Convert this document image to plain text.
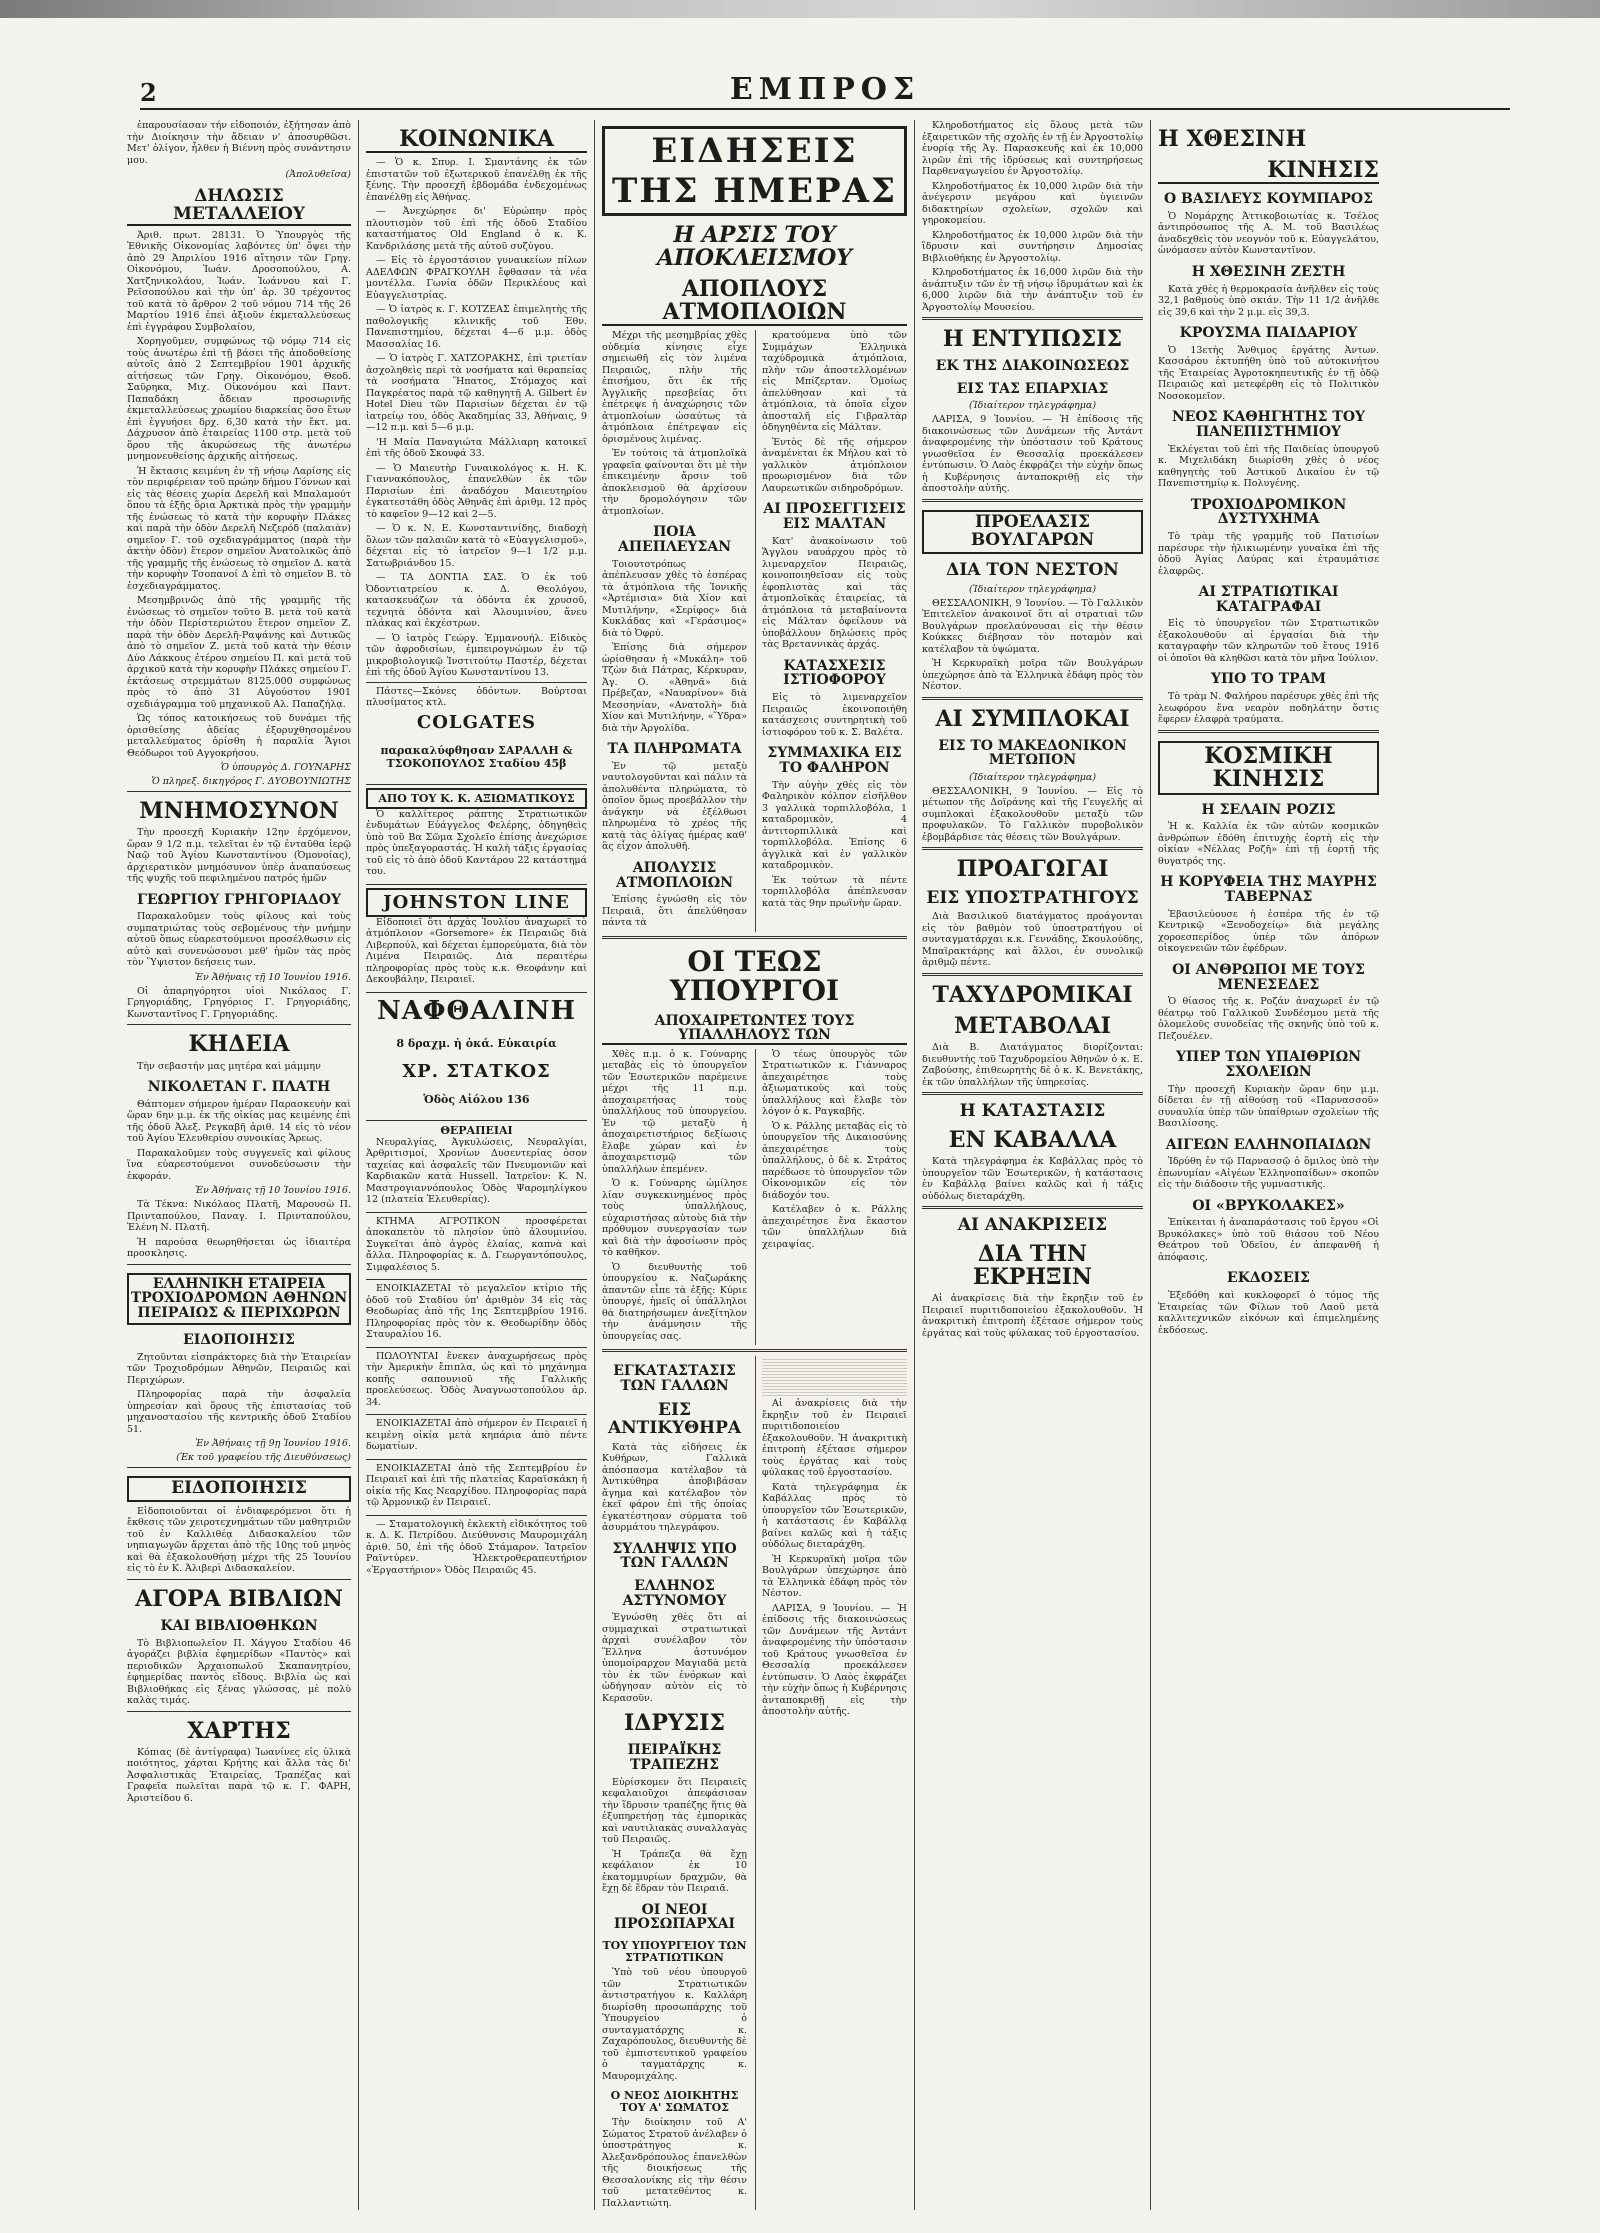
2	ΕΜΠΡΟΣ

ἐπαρουσίασαν τήν εἰδοποιόν, ἐξήτησαν ἀπὸ τὴν Διοίκησιν τὴν ἄδειαν ν' ἀποσυρθῶσι. Μετ' ὀλίγον, ἦλθεν ἡ Βιέννη πρὸς συνάντησιν μου.

(Ἀπολυθεῖσα)

ΔΗΛΩΣΙΣ ΜΕΤΑΛΛΕΙΟΥ

Ἀριθ. πρωτ. 28131. Ὁ Ὑπουργὸς τῆς Ἐθνικῆς Οἰκονομίας λαβόντες ὑπ' ὄψει τὴν ἀπὸ 29 Ἀπριλίου 1916 αἴτησιν τῶν Γρηγ. Οἰκονόμου, Ἰωάν. Δροσοπούλου, Α. Χατζηνικολάου, Ἰωάν. Ἰωάννου καὶ Γ. Ρεϊσοπούλου καὶ τὴν ὑπ' ἀρ. 30 τρέχοντος τοῦ κατὰ τὸ ἄρθρον 2 τοῦ νόμου 714 τῆς 26 Μαρτίου 1916 ἐπεὶ ἀξιοῦν ἐκμεταλλεύσεως ἐπὶ ἐγγράφου Συμβολαίου,

Χορηγοῦμεν, συμφώνως τῷ νόμῳ 714 εἰς τοὺς ἀνωτέρω ἐπὶ τῇ βάσει τῆς ἀποδοθείσης αὐτοῖς ἀπὸ 2 Σεπτεμβρίου 1901 ἀρχικῆς αἰτήσεως τῶν Γρηγ. Οἰκονόμου, Θεοδ. Σαῦρηκα, Μιχ. Οἰκονόμου καὶ Παντ. Παπαδάκη ἄδειαν προσωρινῆς ἐκμεταλλεύσεως χρωμίου διαρκείας ὅσο ἔτων ἐπὶ ἐγγυήσει δρχ. 6,30 κατὰ τὴν ἔκτ. μα. Δάχρυσον ἀπὸ ἐταιρείας 1100 στρ. μετὰ τοῦ ὅρου τῆς ἀκυρώσεως τῆς ἀνωτέρω μνημονευθείσης ἀρχικῆς αἰτήσεως.

Ἡ ἔκτασις κειμένη ἐν τῇ νήσῳ Λαρίσης εἰς τὸν περιφέρειαν τοῦ πρώην δήμου Γόννων καὶ εἰς τὰς θέσεις χωρία Δερελῆ καὶ Μπαλαμούτ ὅπου τὰ ἑξῆς ὅρια Ἀρκτικὰ πρὸς τὴν γραμμὴν τῆς ἐνώσεως τὸ κατὰ τὴν κορυφὴν Πλάκες καὶ παρὰ τὴν ὁδὸν Δερελῆ Νεζερόδ (παλαιὰν) σημεῖον Γ. τοῦ σχεδιαγράμματος (παρὰ τὴν ἀκτὴν ὁδὸν) ἕτερον σημεῖον Ἀνατολικῶς ἀπὸ τῆς γραμμῆς τῆς ἐνώσεως τὸ σημεῖον Δ. κατὰ τὴν κορυφὴν Τσοπανοί Δ ἐπὶ τὸ σημεῖον Β. τὸ ἐσχεδιαγράμματος.

Μεσημβρινῶς ἀπὸ τῆς γραμμῆς τῆς ἐνώσεως τὸ σημεῖον τοῦτο Β. μετὰ τοῦ κατὰ τὴν ὁδὸν Περίστεριώτου ἕτερον σημεῖον Ζ. παρὰ τὴν ὁδὸν Δερελῆ-Ραψάνης καὶ Δυτικῶς ἀπὸ τὸ σημεῖον Ζ. μετὰ τοῦ κατὰ τὴν θέσιν Δύο Λάκκους ἐτέρου σημείου Π. καὶ μετὰ τοῦ ἀρχικοῦ κατὰ τὴν κορυφὴν Πλάκες σημείου Γ. ἐκτάσεως στρεμμάτων 8125.000 συμφώνως πρὸς τὸ ἀπὸ 31 Αὐγούστου 1901 σχεδιάγραμμα τοῦ μηχανικοῦ Αλ. Παπαζήλᾳ.

Ὡς τόπος κατοικήσεως τοῦ δυνάμει τῆς ὁρισθείσης ἀδείας ἐξορυχθησομένου μεταλλεύματος ὁρίσθη ἡ παραλία Ἅγιοι Θεόδωροι τοῦ Αγγοκρήσου.

Ὁ ὑπουργὸς Δ. ΓΟΥΝΑΡΗΣ

Ὁ πληρεξ. δικηγόρος Γ. ΔΥΟΒΟΥΝΙΩΤΗΣ

ΜΝΗΜΟΣΥΝΟΝ

Τὴν προσεχῆ Κυριακὴν 12ην ἐρχόμενον, ὥραν 9 1/2 π.μ. τελεῖται ἐν τῷ ἐνταῦθα ἱερῷ Ναῷ τοῦ Ἁγίου Κωνσταντίνου (Ὀμονοίας), ἀρχιερατικὸν μνημόσυνον ὑπὲρ ἀναπαύσεως τῆς ψυχῆς τοῦ πεφιλημένου πατρός ἡμῶν

ΓΕΩΡΓΙΟΥ ΓΡΗΓΟΡΙΑΔΟΥ

Παρακαλοῦμεν τοὺς φίλους καὶ τοὺς συμπατριώτας τοὺς σεβομένους τὴν μνήμην αὐτοῦ ὅπως εὐαρεστούμενοι προσέλθωσιν εἰς αὐτὸ καὶ συνενώσουσι μεθ' ἡμῶν τὰς πρὸς τὸν Ὕψιστον δεήσεις των.

Ἐν Ἀθήναις τῇ 10 Ἰουνίου 1916.

Οἱ ἀπαρηγόρητοι υἱοὶ Νικόλαος Γ. Γρηγοριάδης, Γρηγόριος Γ. Γρηγοριάδης, Κωνσταντῖνος Γ. Γρηγοριάδης.

ΚΗΔΕΙΑ

Τὴν σεβαστήν μας μητέρα καὶ μάμμην

ΝΙΚΟΛΕΤΑΝ Γ. ΠΛΑΤΗ

Θάπτομεν σήμερον ἡμέραν Παρασκευὴν καὶ ὥραν 6ην μ.μ. ἐκ τῆς οἰκίας μας κειμένης ἐπὶ τῆς ὁδοῦ Ἀλεξ. Ρεγκαβῆ ἀριθ. 14 εἰς τὸ νέον τοῦ Ἁγίου Ἐλευθερίου συνοικίας Ἄρεως.

Παρακαλοῦμεν τοὺς συγγενεῖς καὶ φίλους ἵνα εὐαρεστούμενοι συνοδεύσωσιν τὴν ἐκφοράν.

Ἐν Ἀθήναις τῇ 10 Ἰουνίου 1916.

Τὰ Τέκνα: Νικόλαος Πλατῆ, Μαρουσὼ Π. Πρινταπούλου, Παναγ. Ι. Πρινταπούλου, Ἑλένη Ν. Πλατῆ.

Ἡ παρούσα θεωρηθήσεται ὡς ἰδιαιτέρα προσκλησις.

ΕΛΛΗΝΙΚΗ ΕΤΑΙΡΕΙΑ ΤΡΟΧΙΟΔΡΟΜΩΝ ΑΘΗΝΩΝ ΠΕΙΡΑΙΩΣ & ΠΕΡΙΧΩΡΩΝ
ΕΙΔΟΠΟΙΗΣΙΣ

Ζητοῦνται εἰσπράκτορες διὰ τὴν Ἐταιρείαν τῶν Τροχιοδρόμων Ἀθηνῶν, Πειραιῶς καὶ Περιχώρων.

Πληροφορίας παρὰ τὴν ἀσφαλεία ὑπηρεσίαν καὶ ὅρους τῆς ἐπιστασίας τοῦ μηχανοστασίου τῆς κεντρικῆς ὁδοῦ Σταδίου 51.

Ἐν Ἀθήναις τῇ 9ῃ Ἰουνίου 1916.

(Ἐκ τοῦ γραφείου τῆς Διευθύνσεως)

ΕΙΔΟΠΟΙΗΣΙΣ

Εἰδοποιοῦνται οἱ ἐνδιαφερόμενοι ὅτι ἡ ἔκθεσις τῶν χειροτεχνημάτων τῶν μαθητριῶν τοῦ ἐν Καλλιθέᾳ Διδασκαλείου τῶν νηπιαγωγῶν ἄρχεται ἀπὸ τῆς 10ης τοῦ μηνὸς καὶ θὰ ἐξακολουθήσῃ μέχρι τῆς 25 Ἰουνίου εἰς τὸ ἐν Κ. Ἀλιβερὶ Διδασκαλείον.

ΑΓΟΡΑ ΒΙΒΛΙΩΝ
ΚΑΙ ΒΙΒΛΙΟΘΗΚΩΝ

Τὸ Βιβλιοπωλεῖον Π. Χάγγου Σταδίου 46 ἀγοράζει βιβλία ἐφημερίδων «Παντὸς» καὶ περιοδικῶν Ἀρχαιοπωλοῦ Σκαπανητρίου, ἐφημερίδας παντὸς εἴδους. Βιβλία ὡς καὶ Βιβλιοθήκας εἰς ξένας γλώσσας, μὲ πολὺ καλὰς τιμάς.

ΧΑΡΤΗΣ

Κόπιας (δὲ ἀντίγραφα) Ἰωανίνες εἰς ὑλικὰ ποιότητος, χάρται Κρήτης καὶ ἄλλα τὰς δι' Ἀσφαλιστικὰς Ἐταιρείας, Τραπέζας καὶ Γραφεῖα πωλεῖται παρὰ τῷ κ. Γ. ΦΑΡΗ, Ἀριστείδου 6.

ΚΟΙΝΩΝΙΚΑ

— Ὁ κ. Σπυρ. Ι. Σμαντάνης ἐκ τῶν ἐπιστατῶν τοῦ ἐξωτερικοῦ ἐπανέλθῃ ἐκ τῆς ξένης. Τὴν προσεχῆ ἑβδομάδα ἐνδεχομένως ἐπανέλθῃ εἰς Ἀθήνας.

— Ἀνεχώρησε δι' Εὐρώπην πρὸς πλουτισμὸν τοῦ ἐπὶ τῆς ὁδοῦ Σταδίου καταστήματος Old England ὁ κ. Κ. Κανδριλάσης μετὰ τῆς αὐτοῦ συζύγου.

— Εἰς τὸ ἐργοστάσιον γυναικείων πίλων ΑΔΕΛΦΩΝ ΦΡΑΓΚΟΥΛΗ ἔφθασαν τὰ νέα μοντέλλα. Γωνία ὁδῶν Περικλέους καὶ Εὐαγγελιστρίας.

— Ὁ ἰατρὸς κ. Γ. ΚΟΤΖΕΑΣ ἐπιμελητὴς τῆς παθολογικῆς κλινικῆς τοῦ Ἐθν. Πανεπιστημίου, δέχεται 4—6 μ.μ. ὁδὸς Μασσαλίας 16.

— Ὁ ἰατρὸς Γ. ΧΑΤΖΟΡΑΚΗΣ, ἐπὶ τριετίαν ἀσχοληθεὶς περὶ τὰ νοσήματα καὶ θεραπείας τὰ νοσήματα Ἥπατος, Στόμαχος καὶ Παγκρέατος παρὰ τῷ καθηγητῇ Α. Gilbert ἐν Hotel Dieu τῶν Παρισίων δέχεται ἐν τῷ ἰατρείῳ του, ὁδὸς Ἀκαδημίας 33, Ἀθήναις, 9—12 π.μ. καὶ 5—6 μ.μ.

'Η Μαία Παναγιώτα Μάλλιαρη κατοικεῖ ἐπὶ τῆς ὁδοῦ Σκουφά 33.

— Ὁ Μαιευτὴρ Γυναικολόγος κ. Η. Κ. Γιαννακόπουλος, ἐπανελθὼν ἐκ τῶν Παρισίων ἐπὶ ἀναδόχου Μαιευτηρίου ἐγκατεστάθη ὁδὸς Ἀθηνᾶς ἐπὶ ἀριθμ. 12 πρὸς τὸ καφεῖον 9—12 καὶ 2—5.

— Ὁ κ. Ν. Ε. Κωνσταντινίδης, διαδοχὴ ὅλων τῶν παλαιῶν κατὰ τὸ «Εὐαγγελισμοῦ», δέχεται εἰς τὸ ἰατρεῖον 9—1 1/2 μ.μ. Σατωβριάνδου 15.

— ΤΑ ΔΟΝΤΙΑ ΣΑΣ. Ὁ ἐκ τοῦ Ὀδοντιατρείου κ. Δ. Θεολόγου, κατασκευάζων τὰ ὀδόντα ἐκ χρυσοῦ, τεχνητὰ ὀδόντα καὶ Ἀλουμινίου, ἄνευ πλάκας καὶ ἐκχέστρων.

— Ὁ ἰατρὸς Γεώργ. Ἐμμανουήλ. Εἰδικὸς τῶν ἀφροδισίων, ἐμπειρογνώμων ἐν τῷ μικροβιολογικῷ Ἰνστιτούτῳ Παστέρ, δέχεται ἐπὶ τῆς ὁδοῦ Ἁγίου Κωνσταντίνου 13.

Πάστες—Σκόνες ὀδόντων. Βούρτσαι πλυσίματος κτλ.

COLGATES

παρακαλύφθησαν ΣΑΡΑΛΛΗ & ΤΣΟΚΟΠΟΥΛΟΣ Σταδίου 45β

ΑΠΟ ΤΟΥ Κ. Κ. ΑΞΙΩΜΑΤΙΚΟΥΣ

Ὁ καλλίτερος ράπτης Στρατιωτικῶν ἐνδυμάτων Εὐάγγελος Φελέρης, ὁδηγηθεὶς ὑπὸ τοῦ Βα Σῶμα Σχολεῖο ἐπίσης ἀνεχώρισε πρὸς ὑπεξαγοραστάς. Ἡ καλὴ τάξις ἐργασίας τοῦ εἰς τὸ ἀπὸ ὁδοῦ Καντάρου 22 κατάστημά του.

JOHNSTON LINE

Εἰδοποιεῖ ὅτι ἀρχὰς Ἰουλίου ἀναχωρεῖ τὸ ἀτμόπλοιον «Gorsemore» ἐκ Πειραιῶς διὰ Λιβερπούλ, καὶ δέχεται ἐμπορεύματα, διὰ τὸν Λιμένα Πειραιῶς. Διὰ περαιτέρω πληροφορίας πρὸς τοὺς κ.κ. Θεοφάνην καὶ Δεκουβάλην, Πειραιεῖ.

ΝΑΦΘΑΛΙΝΗ

8 δραχμ. ἡ ὀκά. Εὐκαιρία

ΧΡ. ΣΤΑΤΚΟΣ

Ὁδὸς Αἰόλου 136

ΘΕΡΑΠΕΙΑΙ

Νευραλγίας, Ἀγκυλώσεις, Νευραλγίαι, Ἀρθριτισμοί, Χρονίων Δυσεντερίας ὁσον ταχείας καὶ ἀσφαλεῖς τῶν Πνευμονιῶν καὶ Καρδιακῶν κατὰ Hussell. Ἰατρεῖον: Κ. Ν. Μαστρογιαννόπουλος Ὁδὸς Ψαρομηλίγκου 12 (πλατεία Ἐλευθερίας).

ΚΤΗΜΑ ΑΓΡΟΤΙΚΟΝ προσφέρεται ἀποκαπετὸν τὸ πλησίον ὑπὸ ἀλουμινίου. Συγκεῖται ἀπὸ ἀγρὸς ἐλαίας, καπνὰ καὶ ἄλλα. Πληροφορίας κ. Δ. Γεωργαντόπουλος, Σιμφαλέσιος 5.

ΕΝΟΙΚΙΑΖΕΤΑΙ τὸ μεγαλεῖον κτίριο τῆς ὁδοῦ τοῦ Σταδίου ὑπ' ἀριθμὸν 34 εἰς τὰς Θεοδωρίας ἀπὸ τῆς 1ης Σεπτεμβρίου 1916. Πληροφορίας πρὸς τὸν κ. Θεοδωρίδην ὁδὸς Σταυραλίου 16.

ΠΩΛΟΥΝΤΑΙ ἕνεκεν ἀναχωρήσεως πρὸς τὴν Ἀμερικὴν ἔπιπλα, ὡς καὶ τὸ μηχάνημα κοπῆς σαπουνιοῦ τῆς Γαλλικῆς προελεύσεως. Ὁδὸς Ἀναγνωστοπούλου ἀρ. 34.

ΕΝΟΙΚΙΑΖΕΤΑΙ ἀπὸ σήμερον ἐν Πειραιεῖ ἡ κειμένη οἰκία μετὰ κηπάρια ἀπὸ πέντε δωματίων.

ΕΝΟΙΚΙΑΖΕΤΑΙ ἀπὸ τῆς Σεπτεμβρίου ἐν Πειραιεῖ καὶ ἐπὶ τῆς πλατείας Καραϊσκάκη ἡ οἰκία τῆς Κας Νεαρχίδου. Πληροφορίας παρὰ τῷ Ἀρμονικῷ ἐν Πειραιεῖ.

— Σταματολογικὴ ἐκλεκτὴ εἰδικότητος τοῦ κ. Δ. Κ. Πετρίδου. Διεύθυνσις Μαυρομιχάλη ἀριθ. 50, ἐπὶ τῆς ὁδοῦ Στάμαρον. Ἰατρεῖον Ραϊντύρεν. Ἠλεκτροθεραπευτήριον «Ἐργαστήριον» Ὁδὸς Πειραιῶς 45.

ΕΙΔΗΣΕΙΣ ΤΗΣ ΗΜΕΡΑΣ
Η ΑΡΣΙΣ ΤΟΥ ΑΠΟΚΛΕΙΣΜΟΥ
ΑΠΟΠΛΟΥΣ ΑΤΜΟΠΛΟΙΩΝ

Μέχρι τῆς μεσημβρίας χθὲς οὐδεμία κίνησις εἶχε σημειωθῆ εἰς τὸν λιμένα Πειραιῶς, πλὴν τῆς ἐπισήμου, ὅτι ἐκ τῆς Ἀγγλικῆς πρεσβείας ὅτι ἐπέτρεψε ἡ ἀναχώρησις τῶν ἀτμοπλοίων ὡσαύτως τὰ ἀτμόπλοια ἐπέτρεψαν εἰς ὁρισμένους λιμένας.

Ἐν τούτοις τὰ ἀτμοπλοϊκὰ γραφεῖα φαίνονται ὅτι μὲ τὴν ἐπικειμένην ἄρσιν τοῦ ἀποκλεισμοῦ θὰ ἀρχίσουν τὴν δρομολόγησιν τῶν ἀτμοπλοίων.

ΠΟΙΑ ΑΠΕΠΛΕΥΣΑΝ

Τοιουτοτρόπως ἀπέπλευσαν χθὲς τὸ ἑσπέρας τὰ ἀτμόπλοια τῆς Ἰονικῆς «Ἀρτέμισια» διὰ Χίον καὶ Μυτιλήνην, «Σερίφος» διὰ Κυκλάδας καὶ «Γεράσιμος» διὰ τὸ Ὀφρύ.

Ἐπίσης διὰ σήμερον ὡρίσθησαν ἡ «Μυκάλη» τοῦ Τζὼν διὰ Πάτρας, Κέρκυραν, Ἀγ. Ο. «Ἀθηνᾶ» διὰ Πρέβεζαν, «Ναυαρίνον» διὰ Μεσσηνίαν, «Ανατολὴ» διὰ Χίον καὶ Μυτιλήνην, «Ὕδρα» διὰ τὴν Ἀργολίδα.

ΤΑ ΠΛΗΡΩΜΑΤΑ

Ἐν τῷ μεταξὺ ναυτολογοῦνται καὶ πάλιν τὰ ἀπολυθέντα πληρώματα, τὸ ὁποῖον ὅμως προεβάλλον τὴν ἀνάγκην νὰ ἐξέλθωσι πληρωμένα τὸ χρέος τῆς κατὰ τὰς ὀλίγας ἡμέρας καθ' ἃς εἶχον ἀπολυθῆ.

ΑΠΟΛΥΣΙΣ ΑΤΜΟΠΛΟΙΩΝ

Ἐπίσης ἐγνώσθη εἰς τὸν Πειραιᾶ, ὅτι ἀπελύθησαν πάντα τὰ

κρατούμενα ὑπὸ τῶν Συμμάχων Ἑλληνικὰ ταχύδρομικὰ ἀτμόπλοια, πλὴν τῶν ἀποστελλομένων εἰς Μπίζερταν. Ὁμοίως ἀπελύθησαν καὶ τὰ ἀτμόπλοια, τὰ ὁποῖα εἶχον ἀποσταλῆ εἰς Γιβραλτὰρ ὁδηγηθέντα εἰς Μάλταν.

Ἐντὸς δὲ τῆς σήμερον ἀναμένεται ἐκ Μήλου καὶ τὸ γαλλικὸν ἀτμόπλοιον προωρισμένον διὰ τῶν Λαυρεωτικῶν σιδηροδρόμων.

ΑΙ ΠΡΟΣΕΓΓΙΣΕΙΣ ΕΙΣ ΜΑΛΤΑΝ

Κατ' ἀνακοίνωσιν τοῦ Ἄγγλου ναυάρχου πρὸς τὸ λιμεναρχεῖον Πειραιῶς, κοινοποιηθεῖσαν εἰς τοὺς ἐφοπλιστὰς καὶ τὰς ἀτμοπλοϊκὰς ἑταιρείας, τὰ ἀτμόπλοια τὰ μεταβαίνοντα εἰς Μάλταν ὀφείλουν νὰ ὑποβάλλουν δηλώσεις πρὸς τὰς Βρεταννικὰς ἀρχάς.

ΚΑΤΑΣΧΕΣΙΣ ΙΣΤΙΟΦΟΡΟΥ

Εἰς τὸ λιμεναρχεῖον Πειραιῶς ἐκοινοποιήθη κατάσχεσις συντηρητικὴ τοῦ ἱστιοφόρου τοῦ κ. Σ. Βαλέτα.

ΣΥΜΜΑΧΙΚΑ ΕΙΣ ΤΟ ΦΑΛΗΡΟΝ

Τὴν αὐγὴν χθὲς εἰς τὸν Φαληρικὸν κόλπον εἰσῆλθον 3 γαλλικὰ τορπιλλοβόλα, 1 καταδρομικὸν, 4 ἀντιτορπιλλικὰ καὶ τορπιλλοβόλα. Ἐπίσης 6 ἀγγλικὰ καὶ ἐν γαλλικὸν καταδρομικὸν.

Ἐκ τούτων τὰ πέντε τορπιλλοβόλα ἀπέπλευσαν κατὰ τὰς 9ην πρωϊνὴν ὥραν.

ΟΙ ΤΕΩΣ ΥΠΟΥΡΓΟΙ
ΑΠΟΧΑΙΡΕΤΩΝΤΕΣ ΤΟΥΣ ΥΠΑΛΛΗΛΟΥΣ ΤΩΝ

Χθὲς π.μ. ὁ κ. Γούναρης μεταβὰς εἰς τὸ ὑπουργεῖον τῶν Ἐσωτερικῶν παρέμεινε μέχρι τῆς 11 π.μ. ἀποχαιρετήσας τοὺς ὑπαλλήλους τοῦ ὑπουργείου. Ἐν τῷ μεταξὺ ἡ ἀποχαιρετιστήριος δεξίωσις ἔλαβε χώραν καὶ ἐν ἀποχαιρετισμῷ τῶν ὑπαλλήλων ἐπεμένεν.

Ὁ κ. Γούναρης ὡμίλησε λίαν συγκεκινημένος πρὸς τοὺς ὑπαλλήλους, εὐχαριστήσας αὐτοὺς διὰ τὴν πρόθυμον συνεργασίαν των καὶ διὰ τὴν ἀφοσίωσιν πρὸς τὸ καθῆκον.

Ὁ διευθυντὴς τοῦ ὑπουργείου κ. Ναζωράκης ἀπαντῶν εἶπε τὰ ἑξῆς: Κύριε ὑπουργέ, ἡμεῖς οἱ ὑπάλληλοι θὰ διατηρήσωμεν ἀνεξίτηλον τὴν ἀνάμνησιν τῆς ὑπουργείας σας.

Ὁ τέως ὑπουργὸς τῶν Στρατιωτικῶν κ. Γιάνναρος ἀπεχαιρέτησε τοὺς ἀξιωματικοὺς καὶ τοὺς ὑπαλλήλους καὶ ἔλαβε τὸν λόγον ὁ κ. Ραγκαβῆς.

Ὁ κ. Ράλλης μεταβὰς εἰς τὸ ὑπουργεῖον τῆς Δικαιοσύνης ἀπεχαιρέτησε τοὺς ὑπαλλήλους, ὁ δὲ κ. Στράτος παρέδωσε τὸ ὑπουργεῖον τῶν Οἰκονομικῶν εἰς τὸν διάδοχόν του.

Κατέλαβεν ὁ κ. Ράλλης ἀπεχαιρέτησε ἔνα ἕκαστον τῶν ὑπαλλήλων διὰ χειραψίας.

ΕΓΚΑΤΑΣΤΑΣΙΣ ΤΩΝ ΓΑΛΛΩΝ
ΕΙΣ ΑΝΤΙΚΥΘΗΡΑ

Κατὰ τὰς εἰδήσεις ἐκ Κυθήρων, Γαλλικὰ ἀπόσπασμα κατέλαβον τὰ Ἀντικύθηρα ἀποβιβάσαν ἄγημα καὶ κατέλαβον τὸν ἐκεῖ φάρον ἐπὶ τῆς ὁποίας ἐγκατέστησαν σύρματα τοῦ ἀσυρμάτου τηλεγράφου.

ΣΥΛΛΗΨΙΣ ΥΠΟ ΤΩΝ ΓΑΛΛΩΝ
ΕΛΛΗΝΟΣ ΑΣΤΥΝΟΜΟΥ

Ἐγνώσθη χθὲς ὅτι αἱ συμμαχικαὶ στρατιωτικαὶ ἀρχαὶ συνέλαβον τὸν Ἕλληνα ἀστυνόμον ὑπομοίραρχον Μαγιαδὰ μετὰ τὸν ἐκ τῶν ἐνόρκων καὶ ὡδήγησαν αὐτὸν εἰς τὸ Κερασοῦν.

ΙΔΡΥΣΙΣ
ΠΕΙΡΑΪΚΗΣ ΤΡΑΠΕΖΗΣ

Εὑρίσκομεν ὅτι Πειραιεῖς κεφαλαιοῦχοι ἀπεφάσισαν τὴν ἵδρυσιν τραπέζης ἥτις θὰ ἐξυπηρετήσῃ τὰς ἐμπορικὰς καὶ ναυτιλιακὰς συναλλαγὰς τοῦ Πειραιῶς.

Ἡ Τράπεζα θὰ ἔχῃ κεφάλαιον ἐκ 10 ἑκατομμυρίων δραχμῶν, θὰ ἔχῃ δὲ ἕδραν τὸν Πειραιᾶ.

ΟΙ ΝΕΟΙ ΠΡΟΣΩΠΑΡΧΑΙ
ΤΟΥ ΥΠΟΥΡΓΕΙΟΥ ΤΩΝ ΣΤΡΑΤΙΩΤΙΚΩΝ

Ὑπὸ τοῦ νέου ὑπουργοῦ τῶν Στρατιωτικῶν ἀντιστρατήγου κ. Καλλάρη διωρίσθη προσωπάρχης τοῦ Ὑπουργείου ὁ συνταγματάρχης κ. Ζαχαρόπουλος, διευθυντὴς δὲ τοῦ ἐμπιστευτικοῦ γραφείου ὁ ταγματάρχης κ. Μαυρομιχάλης.

Ο ΝΕΟΣ ΔΙΟΙΚΗΤΗΣ ΤΟΥ Α' ΣΩΜΑΤΟΣ

Τὴν διοίκησιν τοῦ Α' Σώματος Στρατοῦ ἀνέλαβεν ὁ ὑποστράτηγος κ. Ἀλεξανδρόπουλος ἐπανελθὼν τῆς διοικήσεως τῆς Θεσσαλονίκης εἰς τὴν θέσιν τοῦ μετατεθέντος κ. Παλλαντιώτη.

Αἱ ἀνακρίσεις διὰ τὴν ἔκρηξιν τοῦ ἐν Πειραιεῖ πυριτιδοποιείου ἐξακολουθοῦν. Ἡ ἀνακριτικὴ ἐπιτροπὴ ἐξέτασε σήμερον τοὺς ἐργάτας καὶ τοὺς φύλακας τοῦ ἐργοστασίου.

Κατὰ τηλεγράφημα ἐκ Καβάλλας πρὸς τὸ ὑπουργεῖον τῶν Ἐσωτερικῶν, ἡ κατάστασις ἐν Καβάλλᾳ βαίνει καλῶς καὶ ἡ τάξις οὐδόλως διεταράχθη.

Ἡ Κερκυραϊκὴ μοῖρα τῶν Βουλγάρων ὑπεχώρησε ἀπὸ τὰ Ἑλληνικὰ ἐδάφη πρὸς τὸν Νέστον.

ΛΑΡΙΣΑ, 9 Ἰουνίου. — Ἡ ἐπίδοσις τῆς διακοινώσεως τῶν Δυνάμεων τῆς Ἀντάντ ἀναφερομένης τὴν ὑπόστασιν τοῦ Κράτους γνωσθεῖσα ἐν Θεσσαλίᾳ προεκάλεσεν ἐντύπωσιν. Ὁ Λαὸς ἐκφράζει τὴν εὐχὴν ὅπως ἡ Κυβέρνησις ἀνταποκριθῇ εἰς τὴν ἀποστολὴν αὐτῆς.

Κληροδοτήματος εἰς ὅλους μετὰ τῶν ἐξαιρετικῶν τῆς σχολῆς ἐν τῇ ἐν Ἀργοστολίῳ ἐνορίᾳ τῆς Ἁγ. Παρασκευῆς καὶ ἐκ 10,000 λιρῶν ἐπὶ τῆς ἱδρύσεως καὶ συντηρήσεως Παρθεναγωγείου ἐν Ἀργοστολίῳ.

Κληροδοτήματος ἐκ 10,000 λιρῶν διὰ τὴν ἀνέγερσιν μεγάρου καὶ ὑγιεινῶν διδακτηρίων σχολείων, σχολῶν καὶ γηροκομείου.

Κληροδοτήματος ἐκ 10,000 λιρῶν διὰ τὴν ἵδρυσιν καὶ συντήρησιν Δημοσίας Βιβλιοθήκης ἐν Ἀργοστολίῳ.

Κληροδοτήματος ἐκ 16,000 λιρῶν διὰ τὴν ἀνάπτυξιν τῶν ἐν τῇ νήσῳ ἰδρυμάτων καὶ ἐκ 6,000 λιρῶν διὰ τὴν ἀνάπτυξιν τοῦ ἐν Ἀργοστολίῳ Μουσείου.

Η ΕΝΤΥΠΩΣΙΣ
ΕΚ ΤΗΣ ΔΙΑΚΟΙΝΩΣΕΩΣ
ΕΙΣ ΤΑΣ ΕΠΑΡΧΙΑΣ

(Ἰδιαίτερον τηλεγράφημα)

ΛΑΡΙΣΑ, 9 Ἰουνίου. — Ἡ ἐπίδοσις τῆς διακοινώσεως τῶν Δυνάμεων τῆς Ἀντάντ ἀναφερομένης τὴν ὑπόστασιν τοῦ Κράτους γνωσθεῖσα ἐν Θεσσαλίᾳ προεκάλεσεν ἐντύπωσιν. Ὁ Λαὸς ἐκφράζει τὴν εὐχὴν ὅπως ἡ Κυβέρνησις ἀνταποκριθῇ εἰς τὴν ἀποστολὴν αὐτῆς.

ΠΡΟΕΛΑΣΙΣ ΒΟΥΛΓΑΡΩΝ
ΔΙΑ ΤΟΝ ΝΕΣΤΟΝ

(Ἰδιαίτερον τηλεγράφημα)

ΘΕΣΣΑΛΟΝΙΚΗ, 9 Ἰουνίου. — Τὸ Γαλλικὸν Ἐπιτελεῖον ἀνακοινοῖ ὅτι αἱ στρατιαὶ τῶν Βουλγάρων προελαύνουσαι εἰς τὴν θέσιν Κούκκες διέβησαν τὸν ποταμὸν καὶ κατέλαβον τὰ ὑψώματα.

Ἡ Κερκυραϊκὴ μοῖρα τῶν Βουλγάρων ὑπεχώρησε ἀπὸ τὰ Ἑλληνικὰ ἐδάφη πρὸς τὸν Νέστον.

ΑΙ ΣΥΜΠΛΟΚΑΙ
ΕΙΣ ΤΟ ΜΑΚΕΔΟΝΙΚΟΝ ΜΕΤΩΠΟΝ

(Ἰδιαίτερον τηλεγράφημα)

ΘΕΣΣΑΛΟΝΙΚΗ, 9 Ἰουνίου. — Εἰς τὸ μέτωπον τῆς Δοϊράνης καὶ τῆς Γευγελῆς αἱ συμπλοκαὶ ἐξακολουθοῦν μεταξὺ τῶν προφυλακῶν. Τὸ Γαλλικὸν πυροβολικὸν ἐβομβάρδισε τὰς θέσεις τῶν Βουλγάρων.

ΠΡΟΑΓΩΓΑΙ
ΕΙΣ ΥΠΟΣΤΡΑΤΗΓΟΥΣ

Διὰ Βασιλικοῦ διατάγματος προάγονται εἰς τὸν βαθμὸν τοῦ ὑποστρατήγου οἱ συνταγματάρχαι κ.κ. Γεννάδης, Σκουλούδης, Μπαϊρακτάρης καὶ ἄλλοι, ἐν συνολικῷ ἀριθμῷ πέντε.

ΤΑΧΥΔΡΟΜΙΚΑΙ
ΜΕΤΑΒΟΛΑΙ

Διὰ Β. Διατάγματος διορίζονται: διευθυντὴς τοῦ Ταχυδρομείου Ἀθηνῶν ὁ κ. Ε. Ζαβούσης, ἐπιθεωρητὴς δὲ ὁ κ. Κ. Βενετάκης, ἐκ τῶν ὑπαλλήλων τῆς ὑπηρεσίας.

Η ΚΑΤΑΣΤΑΣΙΣ
ΕΝ ΚΑΒΑΛΛΑ

Κατὰ τηλεγράφημα ἐκ Καβάλλας πρὸς τὸ ὑπουργεῖον τῶν Ἐσωτερικῶν, ἡ κατάστασις ἐν Καβάλλᾳ βαίνει καλῶς καὶ ἡ τάξις οὐδόλως διεταράχθη.

ΑΙ ΑΝΑΚΡΙΣΕΙΣ
ΔΙΑ ΤΗΝ ΕΚΡΗΞΙΝ

Αἱ ἀνακρίσεις διὰ τὴν ἔκρηξιν τοῦ ἐν Πειραιεῖ πυριτιδοποιείου ἐξακολουθοῦν. Ἡ ἀνακριτικὴ ἐπιτροπὴ ἐξέτασε σήμερον τοὺς ἐργάτας καὶ τοὺς φύλακας τοῦ ἐργοστασίου.

Η ΧΘΕΣΙΝΗ
ΚΙΝΗΣΙΣ
Ο ΒΑΣΙΛΕΥΣ ΚΟΥΜΠΑΡΟΣ

Ὁ Νομάρχης Ἀττικοβοιωτίας κ. Τσέλος ἀντιπρόσωπος τῆς Α. Μ. τοῦ Βασιλέως ἀναδεχθεὶς τὸν νεογνὸν τοῦ κ. Εὐαγγελάτου, ὠνόμασεν αὐτὸν Κωνσταντῖνον.

Η ΧΘΕΣΙΝΗ ΖΕΣΤΗ

Κατὰ χθὲς ἡ θερμοκρασία ἀνῆλθεν εἰς τοὺς 32,1 βαθμοὺς ὑπὸ σκιάν. Τὴν 11 1/2 ἀνῆλθε εἰς 39,6 καὶ τὴν 2 μ.μ. εἰς 39,3.

ΚΡΟΥΣΜΑ ΠΑΙΔΑΡΙΟΥ

Ὁ 13ετὴς Ἄνθιμος ἐργάτης Ἀντων. Κασσάρου ἐκτυπήθη ὑπὸ τοῦ αὐτοκινήτου τῆς Ἑταιρείας Ἀγροτοκηπευτικῆς ἐν τῇ ὁδῷ Πειραιῶς καὶ μετεφέρθη εἰς τὸ Πολιτικὸν Νοσοκομεῖον.

ΝΕΟΣ ΚΑΘΗΓΗΤΗΣ ΤΟΥ ΠΑΝΕΠΙΣΤΗΜΙΟΥ

Ἐκλέγεται τοῦ ἐπὶ τῆς Παιδείας ὑπουργοῦ κ. Μιχελιδάκη διωρίσθη χθὲς ὁ νέος καθηγητὴς τοῦ Ἀστικοῦ Δικαίου ἐν τῷ Πανεπιστημίῳ κ. Πολυγένης.

ΤΡΟΧΙΟΔΡΟΜΙΚΟΝ ΔΥΣΤΥΧΗΜΑ

Τὸ τρὰμ τῆς γραμμῆς τοῦ Πατισίων παρέσυρε τὴν ἡλικιωμένην γυναῖκα ἐπὶ τῆς ὁδοῦ Ἀγίας Λαύρας καὶ ἐτραυμάτισε ἐλαφρῶς.

ΑΙ ΣΤΡΑΤΙΩΤΙΚΑΙ ΚΑΤΑΓΡΑΦΑΙ

Εἰς τὸ ὑπουργεῖον τῶν Στρατιωτικῶν ἐξακολουθοῦν αἱ ἐργασίαι διὰ τὴν καταγραφὴν τῶν κληρωτῶν τοῦ ἔτους 1916 οἱ ὁποῖοι θὰ κληθῶσι κατὰ τὸν μῆνα Ἰούλιον.

ΥΠΟ ΤΟ ΤΡΑΜ

Τὸ τρὰμ Ν. Φαλήρου παρέσυρε χθὲς ἐπὶ τῆς λεωφόρου ἕνα νεαρὸν ποδηλάτην ὅστις ἔφερεν ἐλαφρὰ τραύματα.

ΚΟΣΜΙΚΗ ΚΙΝΗΣΙΣ
Η ΣΕΛΑΙΝ ΡΟΖΙΣ

Ἡ κ. Καλλία ἐκ τῶν αὐτῶν κοσμικῶν ἀνθρώπων ἐδόθη ἐπιτυχὴς ἐορτὴ εἰς τὴν οἰκίαν «Νέλλας Ροζῆ» ἐπὶ τῇ ἑορτῇ τῆς θυγατρός της.

Η ΚΟΡΥΦΕΙΑ ΤΗΣ ΜΑΥΡΗΣ ΤΑΒΕΡΝΑΣ

Ἐβασιλεύουσε ἡ ἑσπέρα τῆς ἐν τῷ Κεντρικῷ «Ξενοδοχείῳ» διὰ μεγάλης χοροεσπερίδος ὑπὲρ τῶν ἀπόρων οἰκογενειῶν τῶν ἐφέδρων.

ΟΙ ΑΝΘΡΩΠΟΙ ΜΕ ΤΟΥΣ ΜΕΝΕΣΕΔΕΣ

Ὁ θίασος τῆς κ. Ροζάν ἀναχωρεῖ ἐν τῷ θέατρῳ τοῦ Γαλλικοῦ Συνδέσμου μετὰ τῆς ὁλομελοῦς συνοδείας τῆς σκηνῆς ὑπὸ τοῦ κ. Πεζουέλεν.

ΥΠΕΡ ΤΩΝ ΥΠΑΙΘΡΙΩΝ ΣΧΟΛΕΙΩΝ

Τὴν προσεχῆ Κυριακὴν ὥραν 6ην μ.μ. δίδεται ἐν τῇ αἰθούσῃ τοῦ «Παρνασσοῦ» συναυλία ὑπὲρ τῶν ὑπαίθριων σχολείων τῆς Βασιλίσσης.

ΑΙΓΕΩΝ ΕΛΛΗΝΟΠΑΙΔΩΝ

Ἱδρύθη ἐν τῷ Παρνασσῷ ὁ ὅμιλος ὑπὸ τὴν ἐπωνυμίαν «Αἰγέων Ἑλληνοπαίδων» σκοπῶν εἰς τὴν διάδοσιν τῆς γυμναστικῆς.

ΟΙ «ΒΡΥΚΟΛΑΚΕΣ»

Ἐπίκειται ἡ ἀναπαράστασις τοῦ ἔργου «Οἱ Βρυκόλακες» ὑπὸ τοῦ θιάσου τοῦ Νέου Θεάτρου τοῦ Ὁδεῖου, ἐν ἀπεφανθῆ ἡ ἀπόφασις.

ΕΚΔΟΣΕΙΣ

Ἐξεδόθη καὶ κυκλοφορεῖ ὁ τόμος τῆς Ἑταιρείας τῶν Φίλων τοῦ Λαοῦ μετὰ καλλιτεχνικῶν εἰκόνων καὶ ἐπιμελημένης ἐκδόσεως.
